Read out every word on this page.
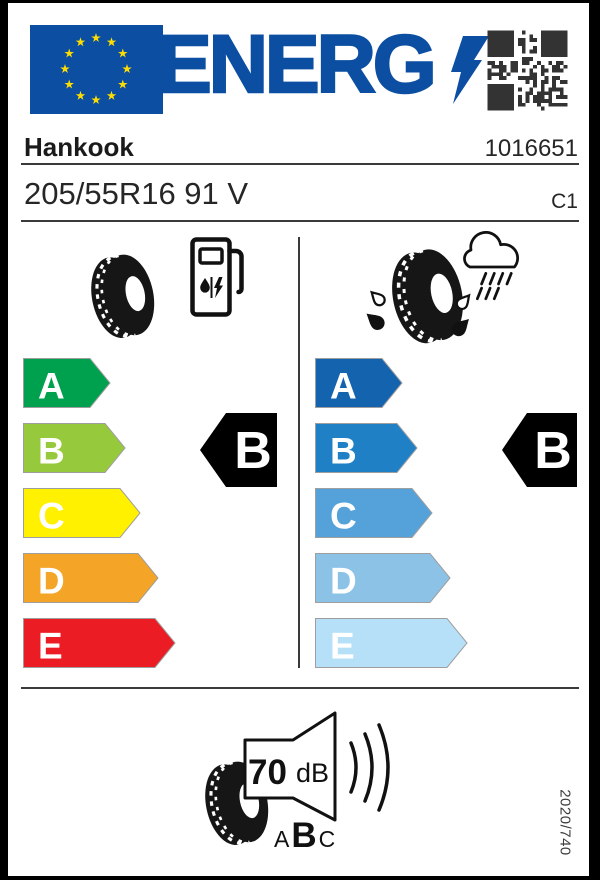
ENERG
Hankook	1016651
205/55R16 91 V	C1
A
B
C
D
E
B
A
B
C
D
E
B
70 dB
A B C	2020/740
